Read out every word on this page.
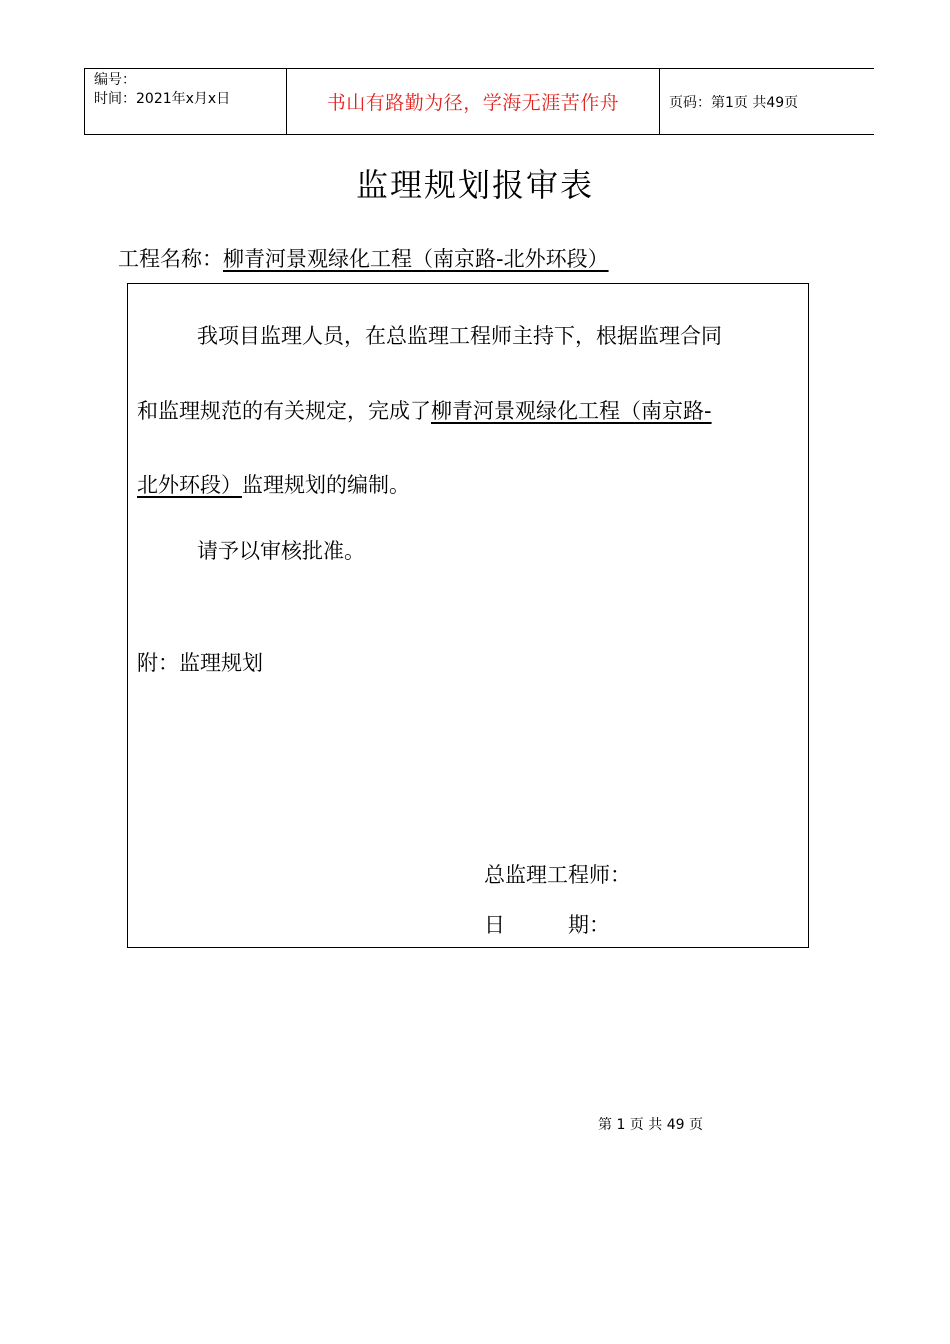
编号：
时间：2021年x月x日	书山有路勤为径，学海无涯苦作舟	页码：第1页 共49页
监理规划报审表
工程名称：柳青河景观绿化工程（南京路-北外环段）
我项目监理人员，在总监理工程师主持下，根据监理合同
和监理规范的有关规定，完成了柳青河景观绿化工程（南京路-
北外环段）监理规划的编制。
请予以审核批准。
附：监理规划
总监理工程师：
日　　　期：
第 1 页 共 49 页
